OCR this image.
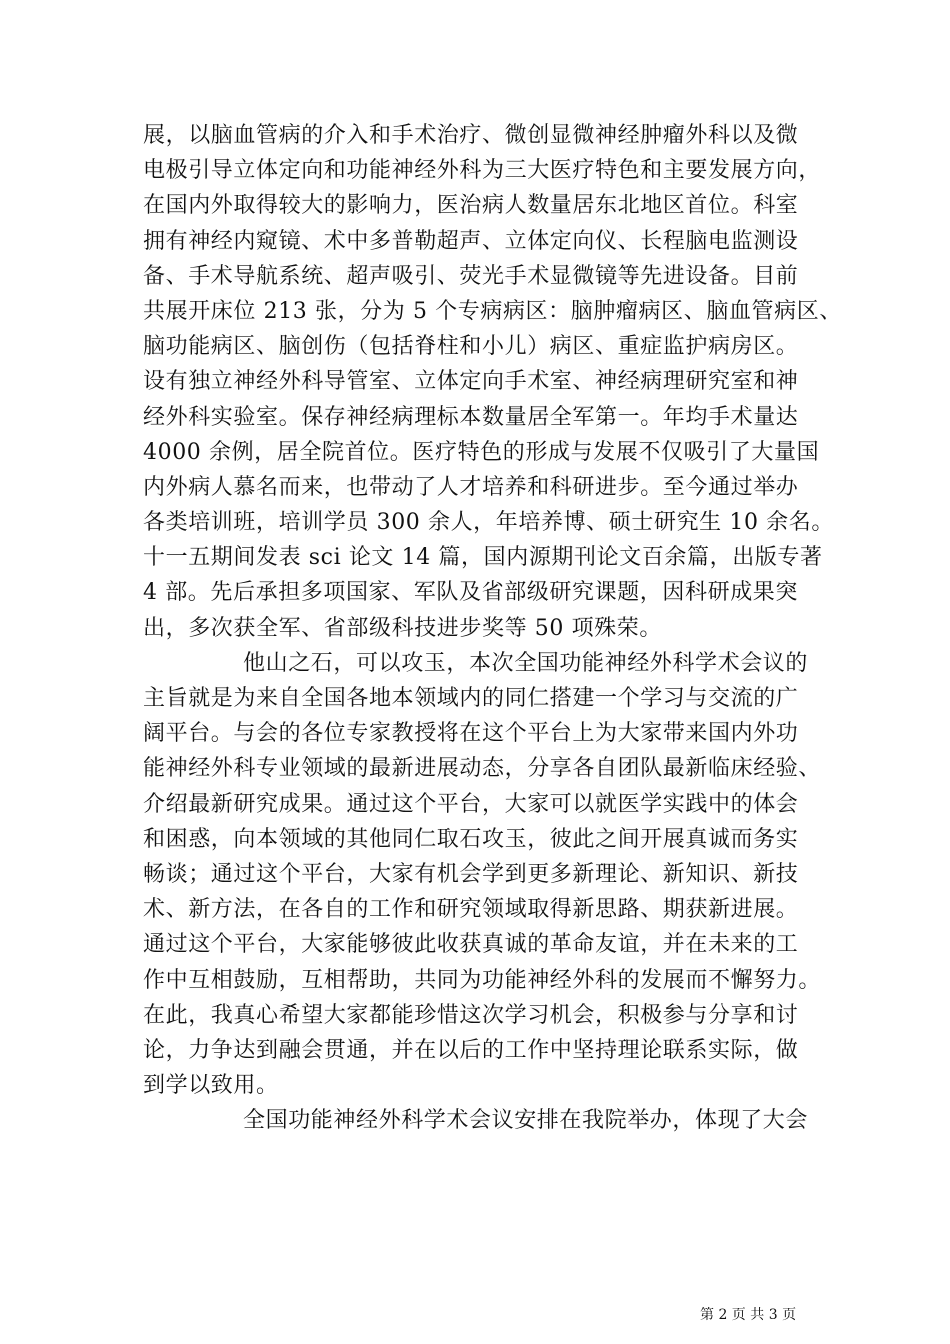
展，以脑血管病的介入和手术治疗、微创显微神经肿瘤外科以及微
电极引导立体定向和功能神经外科为三大医疗特色和主要发展方向，
在国内外取得较大的影响力，医治病人数量居东北地区首位。科室
拥有神经内窥镜、术中多普勒超声、立体定向仪、长程脑电监测设
备、手术导航系统、超声吸引、荧光手术显微镜等先进设备。目前
共展开床位 213 张，分为 5 个专病病区：脑肿瘤病区、脑血管病区、
脑功能病区、脑创伤（包括脊柱和小儿）病区、重症监护病房区。
设有独立神经外科导管室、立体定向手术室、神经病理研究室和神
经外科实验室。保存神经病理标本数量居全军第一。年均手术量达
4000 余例，居全院首位。医疗特色的形成与发展不仅吸引了大量国
内外病人慕名而来，也带动了人才培养和科研进步。至今通过举办
各类培训班，培训学员 300 余人，年培养博、硕士研究生 10 余名。
十一五期间发表 sci 论文 14 篇，国内源期刊论文百余篇，出版专著
4 部。先后承担多项国家、军队及省部级研究课题，因科研成果突
出，多次获全军、省部级科技进步奖等 50 项殊荣。
他山之石，可以攻玉，本次全国功能神经外科学术会议的
主旨就是为来自全国各地本领域内的同仁搭建一个学习与交流的广
阔平台。与会的各位专家教授将在这个平台上为大家带来国内外功
能神经外科专业领域的最新进展动态，分享各自团队最新临床经验、
介绍最新研究成果。通过这个平台，大家可以就医学实践中的体会
和困惑，向本领域的其他同仁取石攻玉，彼此之间开展真诚而务实
畅谈；通过这个平台，大家有机会学到更多新理论、新知识、新技
术、新方法，在各自的工作和研究领域取得新思路、期获新进展。
通过这个平台，大家能够彼此收获真诚的革命友谊，并在未来的工
作中互相鼓励，互相帮助，共同为功能神经外科的发展而不懈努力。
在此，我真心希望大家都能珍惜这次学习机会，积极参与分享和讨
论，力争达到融会贯通，并在以后的工作中坚持理论联系实际，做
到学以致用。
全国功能神经外科学术会议安排在我院举办，体现了大会
第 2 页 共 3 页
